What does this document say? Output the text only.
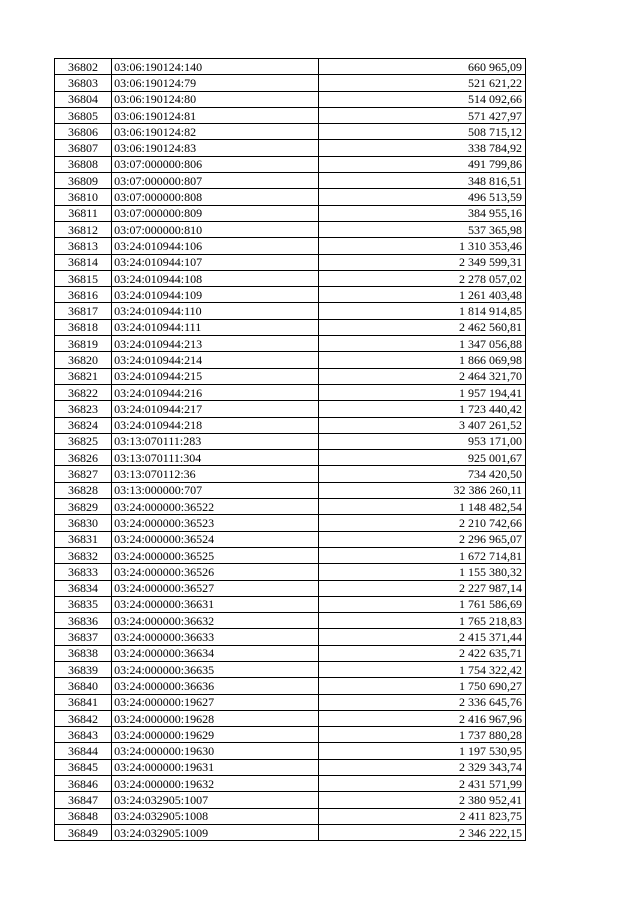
36802	03:06:190124:140	660 965,09
36803	03:06:190124:79	521 621,22
36804	03:06:190124:80	514 092,66
36805	03:06:190124:81	571 427,97
36806	03:06:190124:82	508 715,12
36807	03:06:190124:83	338 784,92
36808	03:07:000000:806	491 799,86
36809	03:07:000000:807	348 816,51
36810	03:07:000000:808	496 513,59
36811	03:07:000000:809	384 955,16
36812	03:07:000000:810	537 365,98
36813	03:24:010944:106	1 310 353,46
36814	03:24:010944:107	2 349 599,31
36815	03:24:010944:108	2 278 057,02
36816	03:24:010944:109	1 261 403,48
36817	03:24:010944:110	1 814 914,85
36818	03:24:010944:111	2 462 560,81
36819	03:24:010944:213	1 347 056,88
36820	03:24:010944:214	1 866 069,98
36821	03:24:010944:215	2 464 321,70
36822	03:24:010944:216	1 957 194,41
36823	03:24:010944:217	1 723 440,42
36824	03:24:010944:218	3 407 261,52
36825	03:13:070111:283	953 171,00
36826	03:13:070111:304	925 001,67
36827	03:13:070112:36	734 420,50
36828	03:13:000000:707	32 386 260,11
36829	03:24:000000:36522	1 148 482,54
36830	03:24:000000:36523	2 210 742,66
36831	03:24:000000:36524	2 296 965,07
36832	03:24:000000:36525	1 672 714,81
36833	03:24:000000:36526	1 155 380,32
36834	03:24:000000:36527	2 227 987,14
36835	03:24:000000:36631	1 761 586,69
36836	03:24:000000:36632	1 765 218,83
36837	03:24:000000:36633	2 415 371,44
36838	03:24:000000:36634	2 422 635,71
36839	03:24:000000:36635	1 754 322,42
36840	03:24:000000:36636	1 750 690,27
36841	03:24:000000:19627	2 336 645,76
36842	03:24:000000:19628	2 416 967,96
36843	03:24:000000:19629	1 737 880,28
36844	03:24:000000:19630	1 197 530,95
36845	03:24:000000:19631	2 329 343,74
36846	03:24:000000:19632	2 431 571,99
36847	03:24:032905:1007	2 380 952,41
36848	03:24:032905:1008	2 411 823,75
36849	03:24:032905:1009	2 346 222,15
